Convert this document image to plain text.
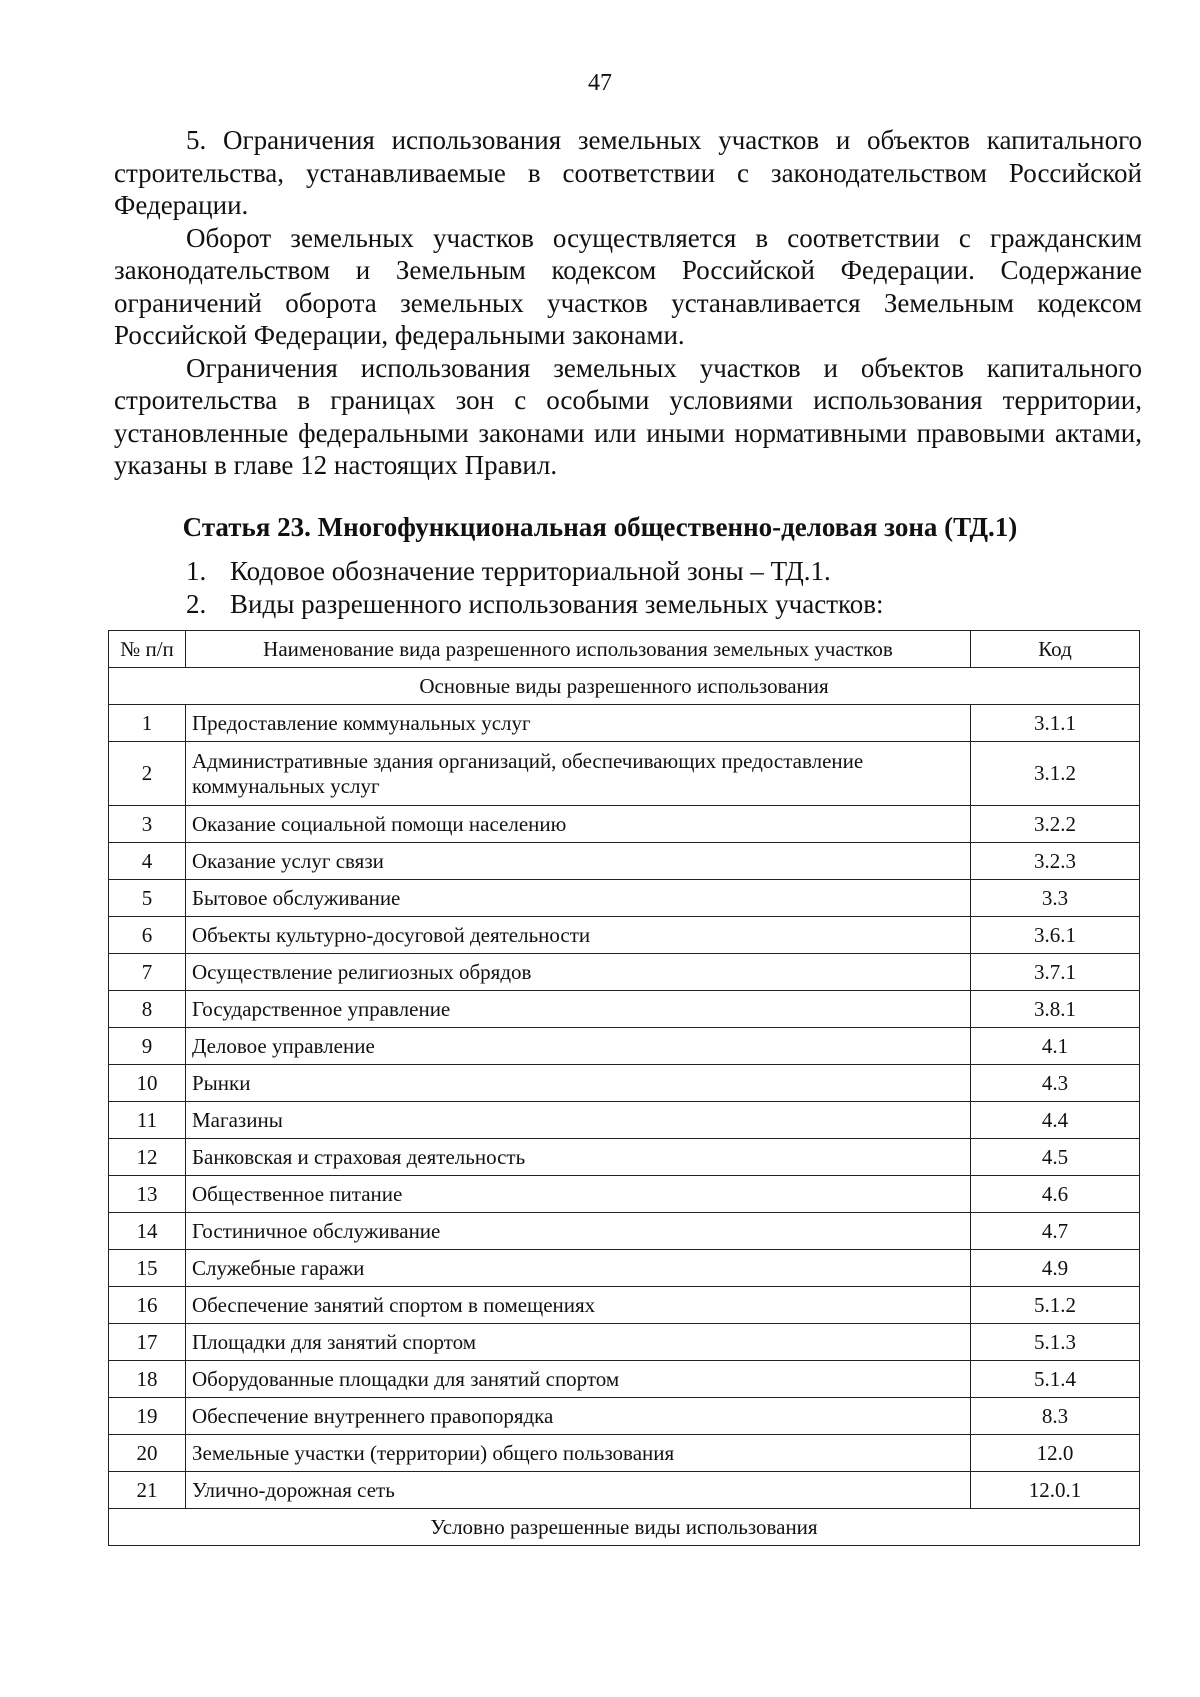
47

5. Ограничения использования земельных участков и объектов капитального строительства, устанавливаемые в соответствии с законодательством Российской Федерации.

Оборот земельных участков осуществляется в соответствии с гражданским законодательством и Земельным кодексом Российской Федерации. Содержание ограничений оборота земельных участков устанавливается Земельным кодексом Российской Федерации, федеральными законами.

Ограничения использования земельных участков и объектов капитального строительства в границах зон с особыми условиями использования территории, установленные федеральными законами или иными нормативными правовыми актами, указаны в главе 12 настоящих Правил.

Статья 23. Многофункциональная общественно-деловая зона (ТД.1)
1. Кодовое обозначение территориальной зоны – ТД.1.
2. Виды разрешенного использования земельных участков:
№ п/п	Наименование вида разрешенного использования земельных участков	Код
Основные виды разрешенного использования		
1	Предоставление коммунальных услуг	3.1.1
2	Административные здания организаций, обеспечивающих предоставление коммунальных услуг	3.1.2
3	Оказание социальной помощи населению	3.2.2
4	Оказание услуг связи	3.2.3
5	Бытовое обслуживание	3.3
6	Объекты культурно-досуговой деятельности	3.6.1
7	Осуществление религиозных обрядов	3.7.1
8	Государственное управление	3.8.1
9	Деловое управление	4.1
10	Рынки	4.3
11	Магазины	4.4
12	Банковская и страховая деятельность	4.5
13	Общественное питание	4.6
14	Гостиничное обслуживание	4.7
15	Служебные гаражи	4.9
16	Обеспечение занятий спортом в помещениях	5.1.2
17	Площадки для занятий спортом	5.1.3
18	Оборудованные площадки для занятий спортом	5.1.4
19	Обеспечение внутреннего правопорядка	8.3
20	Земельные участки (территории) общего пользования	12.0
21	Улично-дорожная сеть	12.0.1
Условно разрешенные виды использования		
